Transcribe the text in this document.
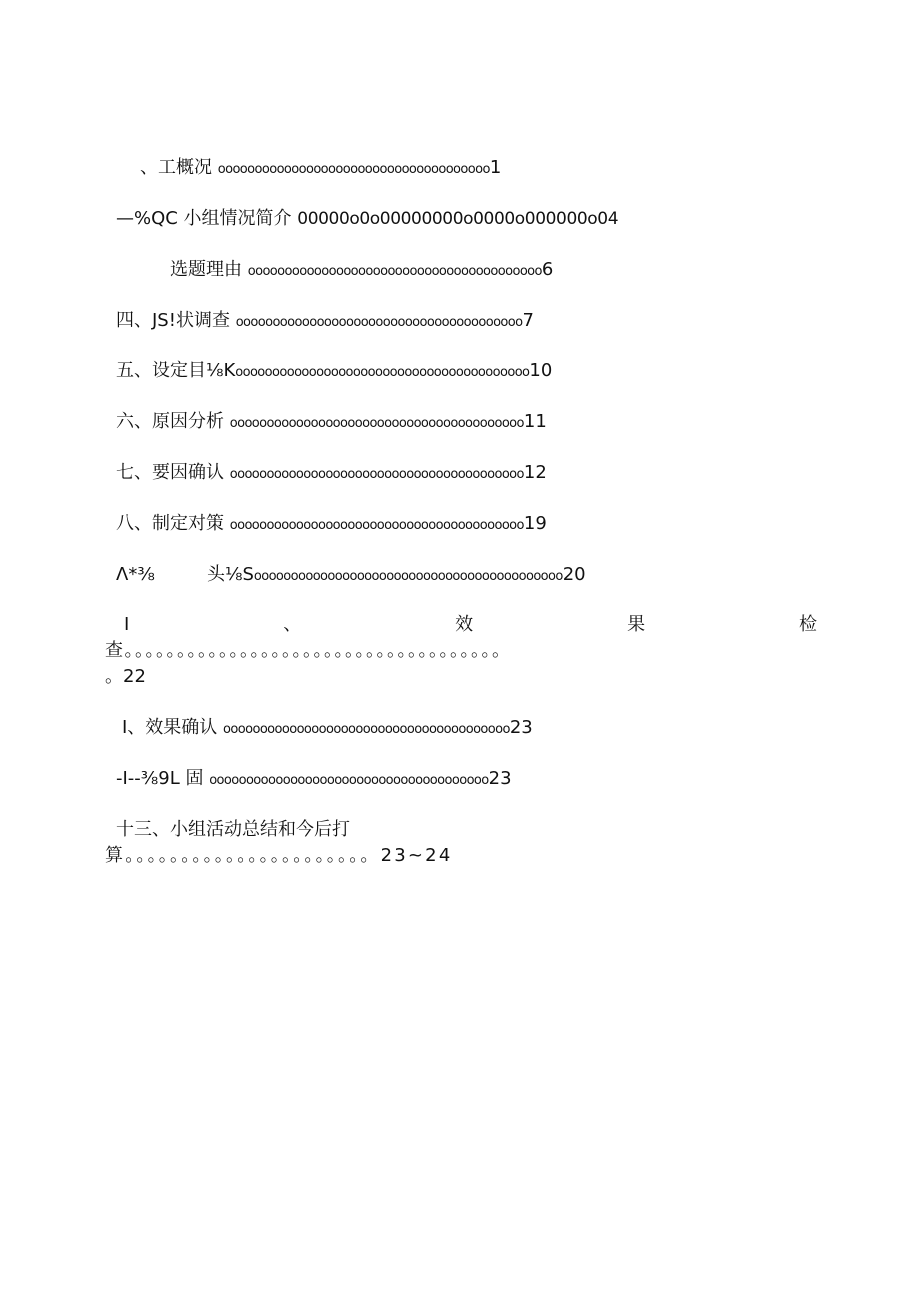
、工概况 ooooooooooooooooooooooooooooooooooooo1
—%QC 小组情况简介 00000o0o00000000o0000o000000o04
选题理由 oooooooooooooooooooooooooooooooooooooooo6
四、JS!状调查 ooooooooooooooooooooooooooooooooooooooo7
五、设定目⅛Koooooooooooooooooooooooooooooooooooooooo10
六、原因分析 oooooooooooooooooooooooooooooooooooooooo11
七、要因确认 oooooooooooooooooooooooooooooooooooooooo12
八、制定对策 oooooooooooooooooooooooooooooooooooooooo19
Λ*⅜	头⅛Soooooooooooooooooooooooooooooooooooooooooo20
I	、	效	果	检
查。。。。。。。。。。。。。。。。。。。。。。。。。。。。。。。。。。。。
。22
I、效果确认 ooooooooooooooooooooooooooooooooooooooo23
-I--⅜9L 固 oooooooooooooooooooooooooooooooooooooo23
十三、小组活动总结和今后打
算。。。。。。。。。。。。。。。。。。。。。。23~24
